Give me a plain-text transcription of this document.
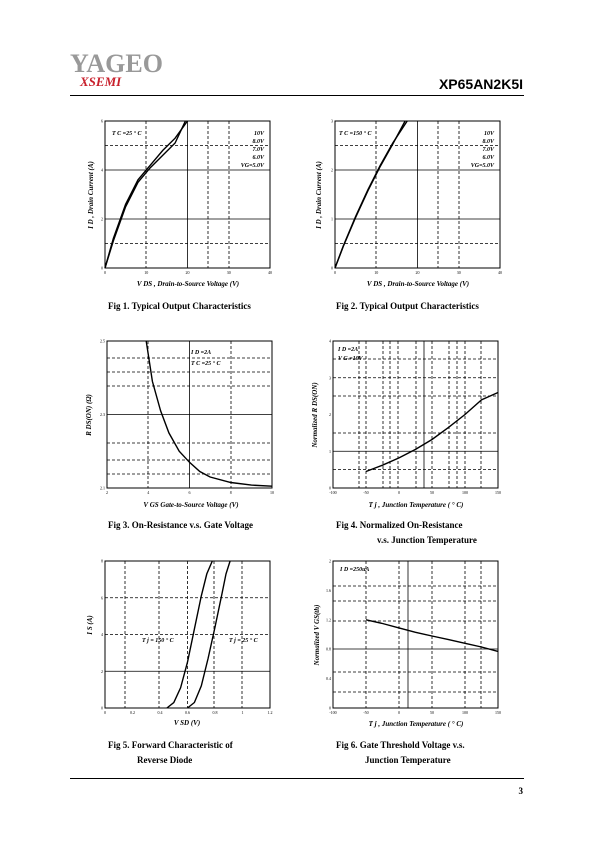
YAGEO
XSEMI	XP65AN2K5I
0	10	20	30	40
0
2
4
6
T C =25 ° C	10V
8.0V
7.0V
6.0V
VG=5.0V
V DS , Drain-to-Source Voltage (V)
I D , Drain Current (A)
Fig 1. Typical Output Characteristics
0	10	20	30	40
0
1
2
3
T C =150 ° C	10V
8.0V
7.0V
6.0V
VG=5.0V
V DS , Drain-to-Source Voltage (V)
I D , Drain Current (A)
Fig 2. Typical Output Characteristics
2	4	6	8	10
2.1
2.3
2.5
I D =2A
T C =25 ° C
V GS Gate-to-Source Voltage (V)
R DS(ON) (Ω)
Fig 3. On-Resistance v.s. Gate Voltage
-100	-50	0	50	100	150
0
1
2
3
4
I D =2A
V G =10V
T j , Junction Temperature ( ° C)
Normalized R DS(ON)
Fig 4. Normalized On-Resistance
v.s. Junction Temperature
0	0.2	0.4	0.6	0.8	1	1.2
0
2
4
6
8
T j = 150 ° C	T j = 25 ° C
V SD (V)
I S (A)
Fig 5. Forward Characteristic of
Reverse Diode
-100	-50	0	50	100	150
0
0.4
0.8
1.2
1.6
2
I D =250uA
T j , Junction Temperature ( ° C)
Normalized V GS(th)
Fig 6. Gate Threshold Voltage v.s.
Junction Temperature
3
